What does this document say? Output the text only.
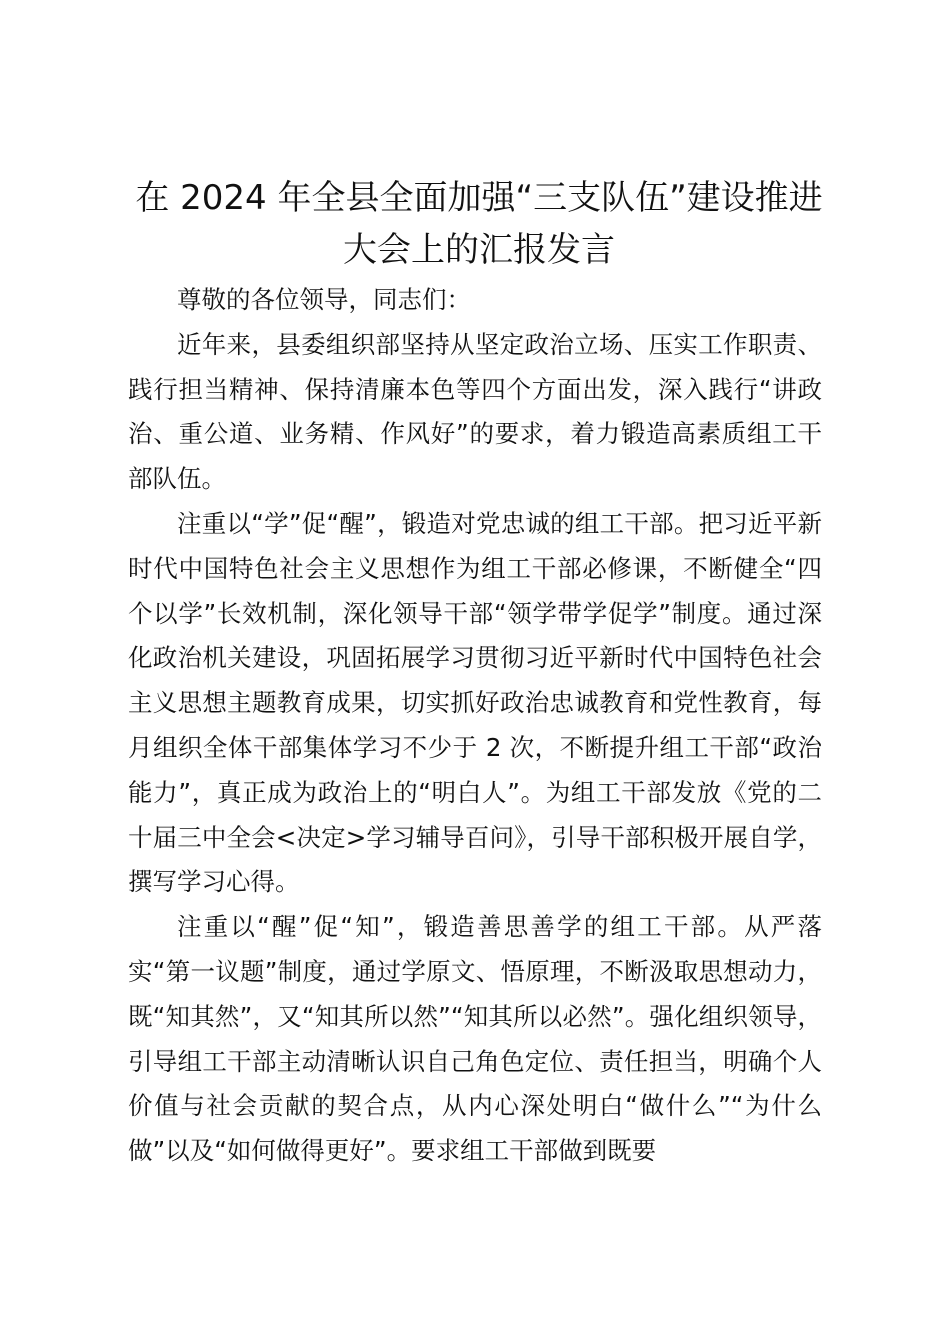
在 2024 年全县全面加强“三支队伍”建设推进
大会上的汇报发言

尊敬的各位领导，同志们：

近年来，县委组织部坚持从坚定政治立场、压实工作职责、践行担当精神、保持清廉本色等四个方面出发，深入践行“讲政治、重公道、业务精、作风好”的要求，着力锻造高素质组工干部队伍。

注重以“学”促“醒”，锻造对党忠诚的组工干部。把习近平新时代中国特色社会主义思想作为组工干部必修课，不断健全“四个以学”长效机制，深化领导干部“领学带学促学”制度。通过深化政治机关建设，巩固拓展学习贯彻习近平新时代中国特色社会主义思想主题教育成果，切实抓好政治忠诚教育和党性教育，每月组织全体干部集体学习不少于 2 次，不断提升组工干部“政治能力”，真正成为政治上的“明白人”。为组工干部发放《党的二十届三中全会<决定>学习辅导百问》，引导干部积极开展自学，撰写学习心得。

注重以“醒”促“知”，锻造善思善学的组工干部。从严落实“第一议题”制度，通过学原文、悟原理，不断汲取思想动力，既“知其然”，又“知其所以然”“知其所以必然”。强化组织领导，引导组工干部主动清晰认识自己角色定位、责任担当，明确个人价值与社会贡献的契合点，从内心深处明白“做什么”“为什么做”以及“如何做得更好”。要求组工干部做到既要
